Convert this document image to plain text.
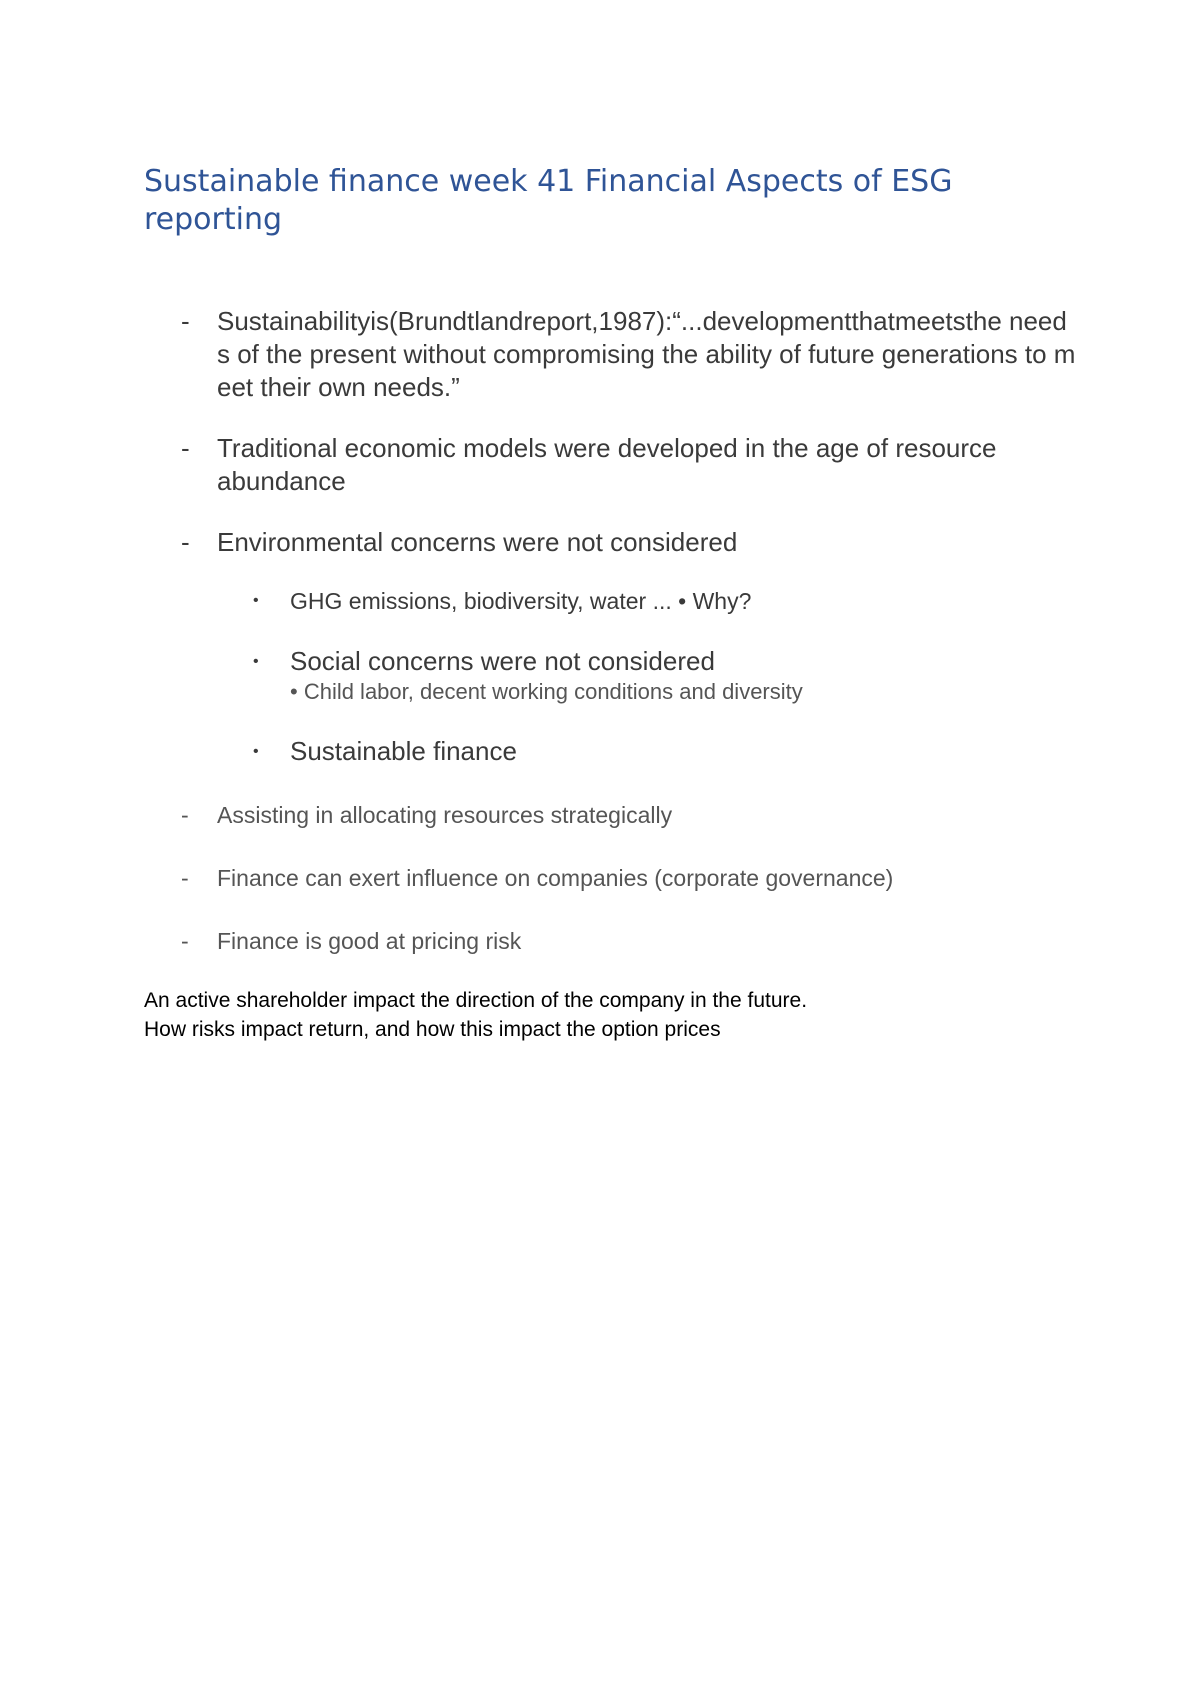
Sustainable finance week 41 Financial Aspects of ESG reporting
- Sustainabilityis(Brundtlandreport,1987):“...developmentthatmeetsthe needs of the present without compromising the ability of future generations to meet their own needs.”
- Traditional economic models were developed in the age of resource abundance
- Environmental concerns were not considered
• GHG emissions, biodiversity, water ... • Why?
• Social concerns were not considered
• Child labor, decent working conditions and diversity
• Sustainable finance
- Assisting in allocating resources strategically
- Finance can exert influence on companies (corporate governance)
- Finance is good at pricing risk

An active shareholder impact the direction of the company in the future.

How risks impact return, and how this impact the option prices
